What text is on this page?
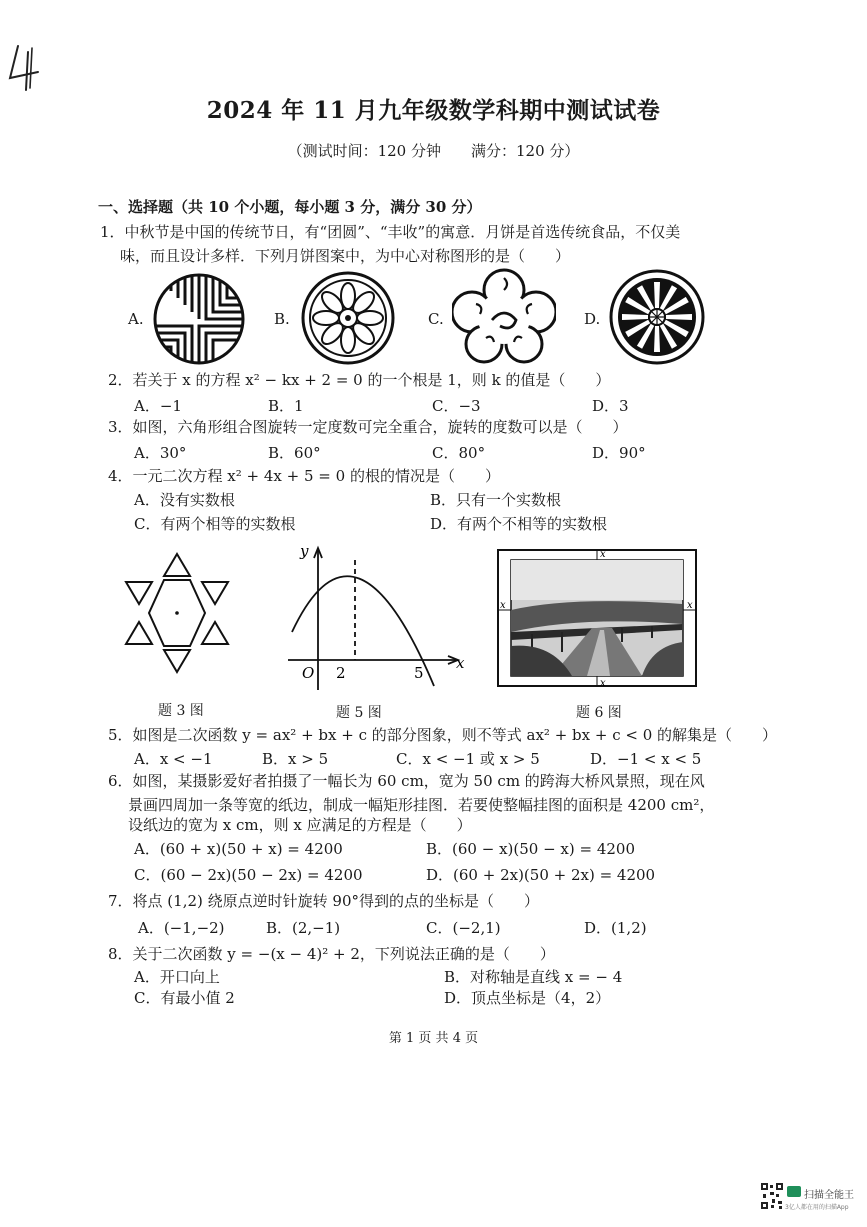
2024 年 11 月九年级数学科期中测试试卷
（测试时间：120 分钟　　满分：120 分）
一、选择题（共 10 个小题，每小题 3 分，满分 30 分）
1．中秋节是中国的传统节日，有“团圆”、“丰收”的寓意．月饼是首选传统食品，不仅美
味，而且设计多样．下列月饼图案中，为中心对称图形的是（　　）
A.	B.	C.	D.
2．若关于 x 的方程 x² − kx + 2 = 0 的一个根是 1，则 k 的值是（　　）
A．−1	B．1	C．−3	D．3
3．如图，六角形组合图旋转一定度数可完全重合，旋转的度数可以是（　　）
A．30°	B．60°	C．80°	D．90°
4．一元二次方程 x² + 4x + 5 = 0 的根的情况是（　　）
A．没有实数根	B．只有一个实数根
C．有两个相等的实数根	D．有两个不相等的实数根
题 3 图
y
x
O 2	5
题 5 图
x
x
x	x
题 6 图
5．如图是二次函数 y = ax² + bx + c 的部分图象，则不等式 ax² + bx + c < 0 的解集是（　　）
A．x < −1	B．x > 5	C．x < −1 或 x > 5	D．−1 < x < 5
6．如图，某摄影爱好者拍摄了一幅长为 60 cm，宽为 50 cm 的跨海大桥风景照，现在风
景画四周加一条等宽的纸边，制成一幅矩形挂图．若要使整幅挂图的面积是 4200 cm²，
设纸边的宽为 x cm，则 x 应满足的方程是（　　）
A．(60 + x)(50 + x) = 4200	B．(60 − x)(50 − x) = 4200
C．(60 − 2x)(50 − 2x) = 4200	D．(60 + 2x)(50 + 2x) = 4200
7．将点 (1,2) 绕原点逆时针旋转 90°得到的点的坐标是（　　）
A．(−1,−2)	B．(2,−1)	C．(−2,1)	D．(1,2)
8．关于二次函数 y = −(x − 4)² + 2，下列说法正确的是（　　）
A．开口向上	B．对称轴是直线 x = − 4
C．有最小值 2	D．顶点坐标是（4，2）
第 1 页 共 4 页
扫描全能王
3亿人都在用的扫描App
